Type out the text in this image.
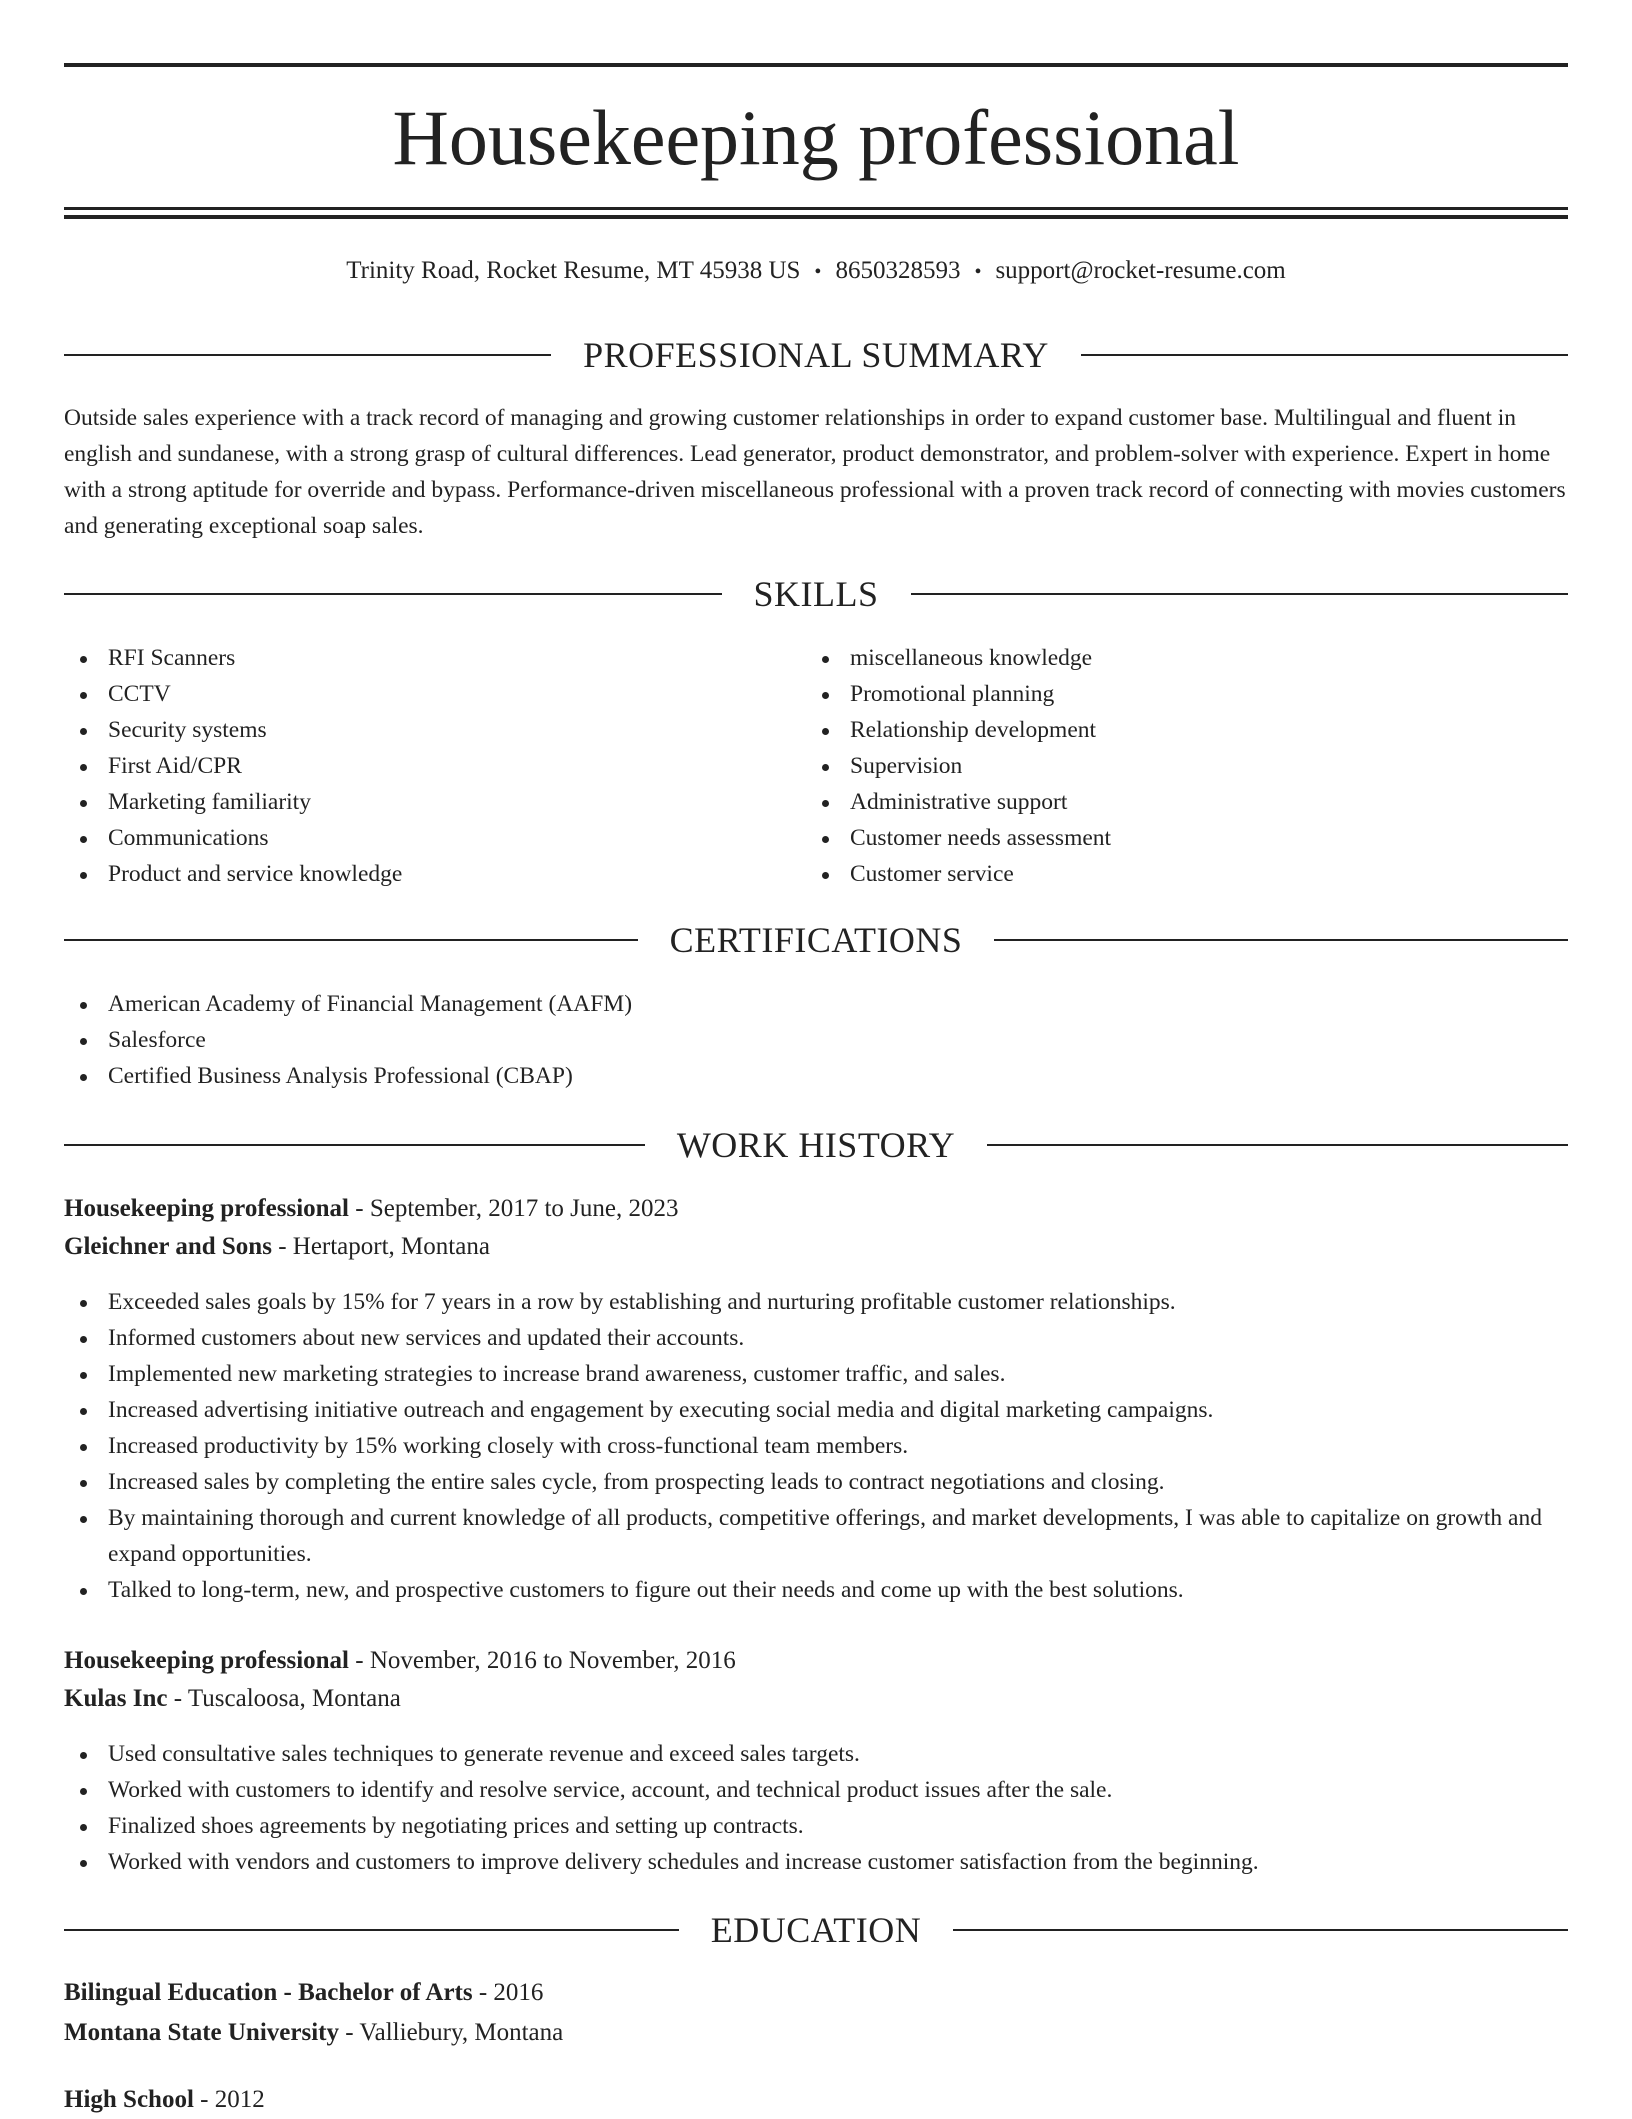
Housekeeping professional
Trinity Road, Rocket Resume, MT 45938 US • 8650328593 • support@rocket-resume.com
PROFESSIONAL SUMMARY

Outside sales experience with a track record of managing and growing customer relationships in order to expand customer base. Multilingual and fluent in english and sundanese, with a strong grasp of cultural differences. Lead generator, product demonstrator, and problem-solver with experience. Expert in home with a strong aptitude for override and bypass. Performance-driven miscellaneous professional with a proven track record of connecting with movies customers and generating exceptional soap sales.

SKILLS
RFI Scanners
CCTV
Security systems
First Aid/CPR
Marketing familiarity
Communications
Product and service knowledge
miscellaneous knowledge
Promotional planning
Relationship development
Supervision
Administrative support
Customer needs assessment
Customer service
CERTIFICATIONS
American Academy of Financial Management (AAFM)
Salesforce
Certified Business Analysis Professional (CBAP)
WORK HISTORY
Housekeeping professional - September, 2017 to June, 2023
Gleichner and Sons - Hertaport, Montana
Exceeded sales goals by 15% for 7 years in a row by establishing and nurturing profitable customer relationships.
Informed customers about new services and updated their accounts.
Implemented new marketing strategies to increase brand awareness, customer traffic, and sales.
Increased advertising initiative outreach and engagement by executing social media and digital marketing campaigns.
Increased productivity by 15% working closely with cross-functional team members.
Increased sales by completing the entire sales cycle, from prospecting leads to contract negotiations and closing.
By maintaining thorough and current knowledge of all products, competitive offerings, and market developments, I was able to capitalize on growth and expand opportunities.
Talked to long-term, new, and prospective customers to figure out their needs and come up with the best solutions.
Housekeeping professional - November, 2016 to November, 2016
Kulas Inc - Tuscaloosa, Montana
Used consultative sales techniques to generate revenue and exceed sales targets.
Worked with customers to identify and resolve service, account, and technical product issues after the sale.
Finalized shoes agreements by negotiating prices and setting up contracts.
Worked with vendors and customers to improve delivery schedules and increase customer satisfaction from the beginning.
EDUCATION
Bilingual Education - Bachelor of Arts - 2016
Montana State University - Valliebury, Montana
High School - 2012
